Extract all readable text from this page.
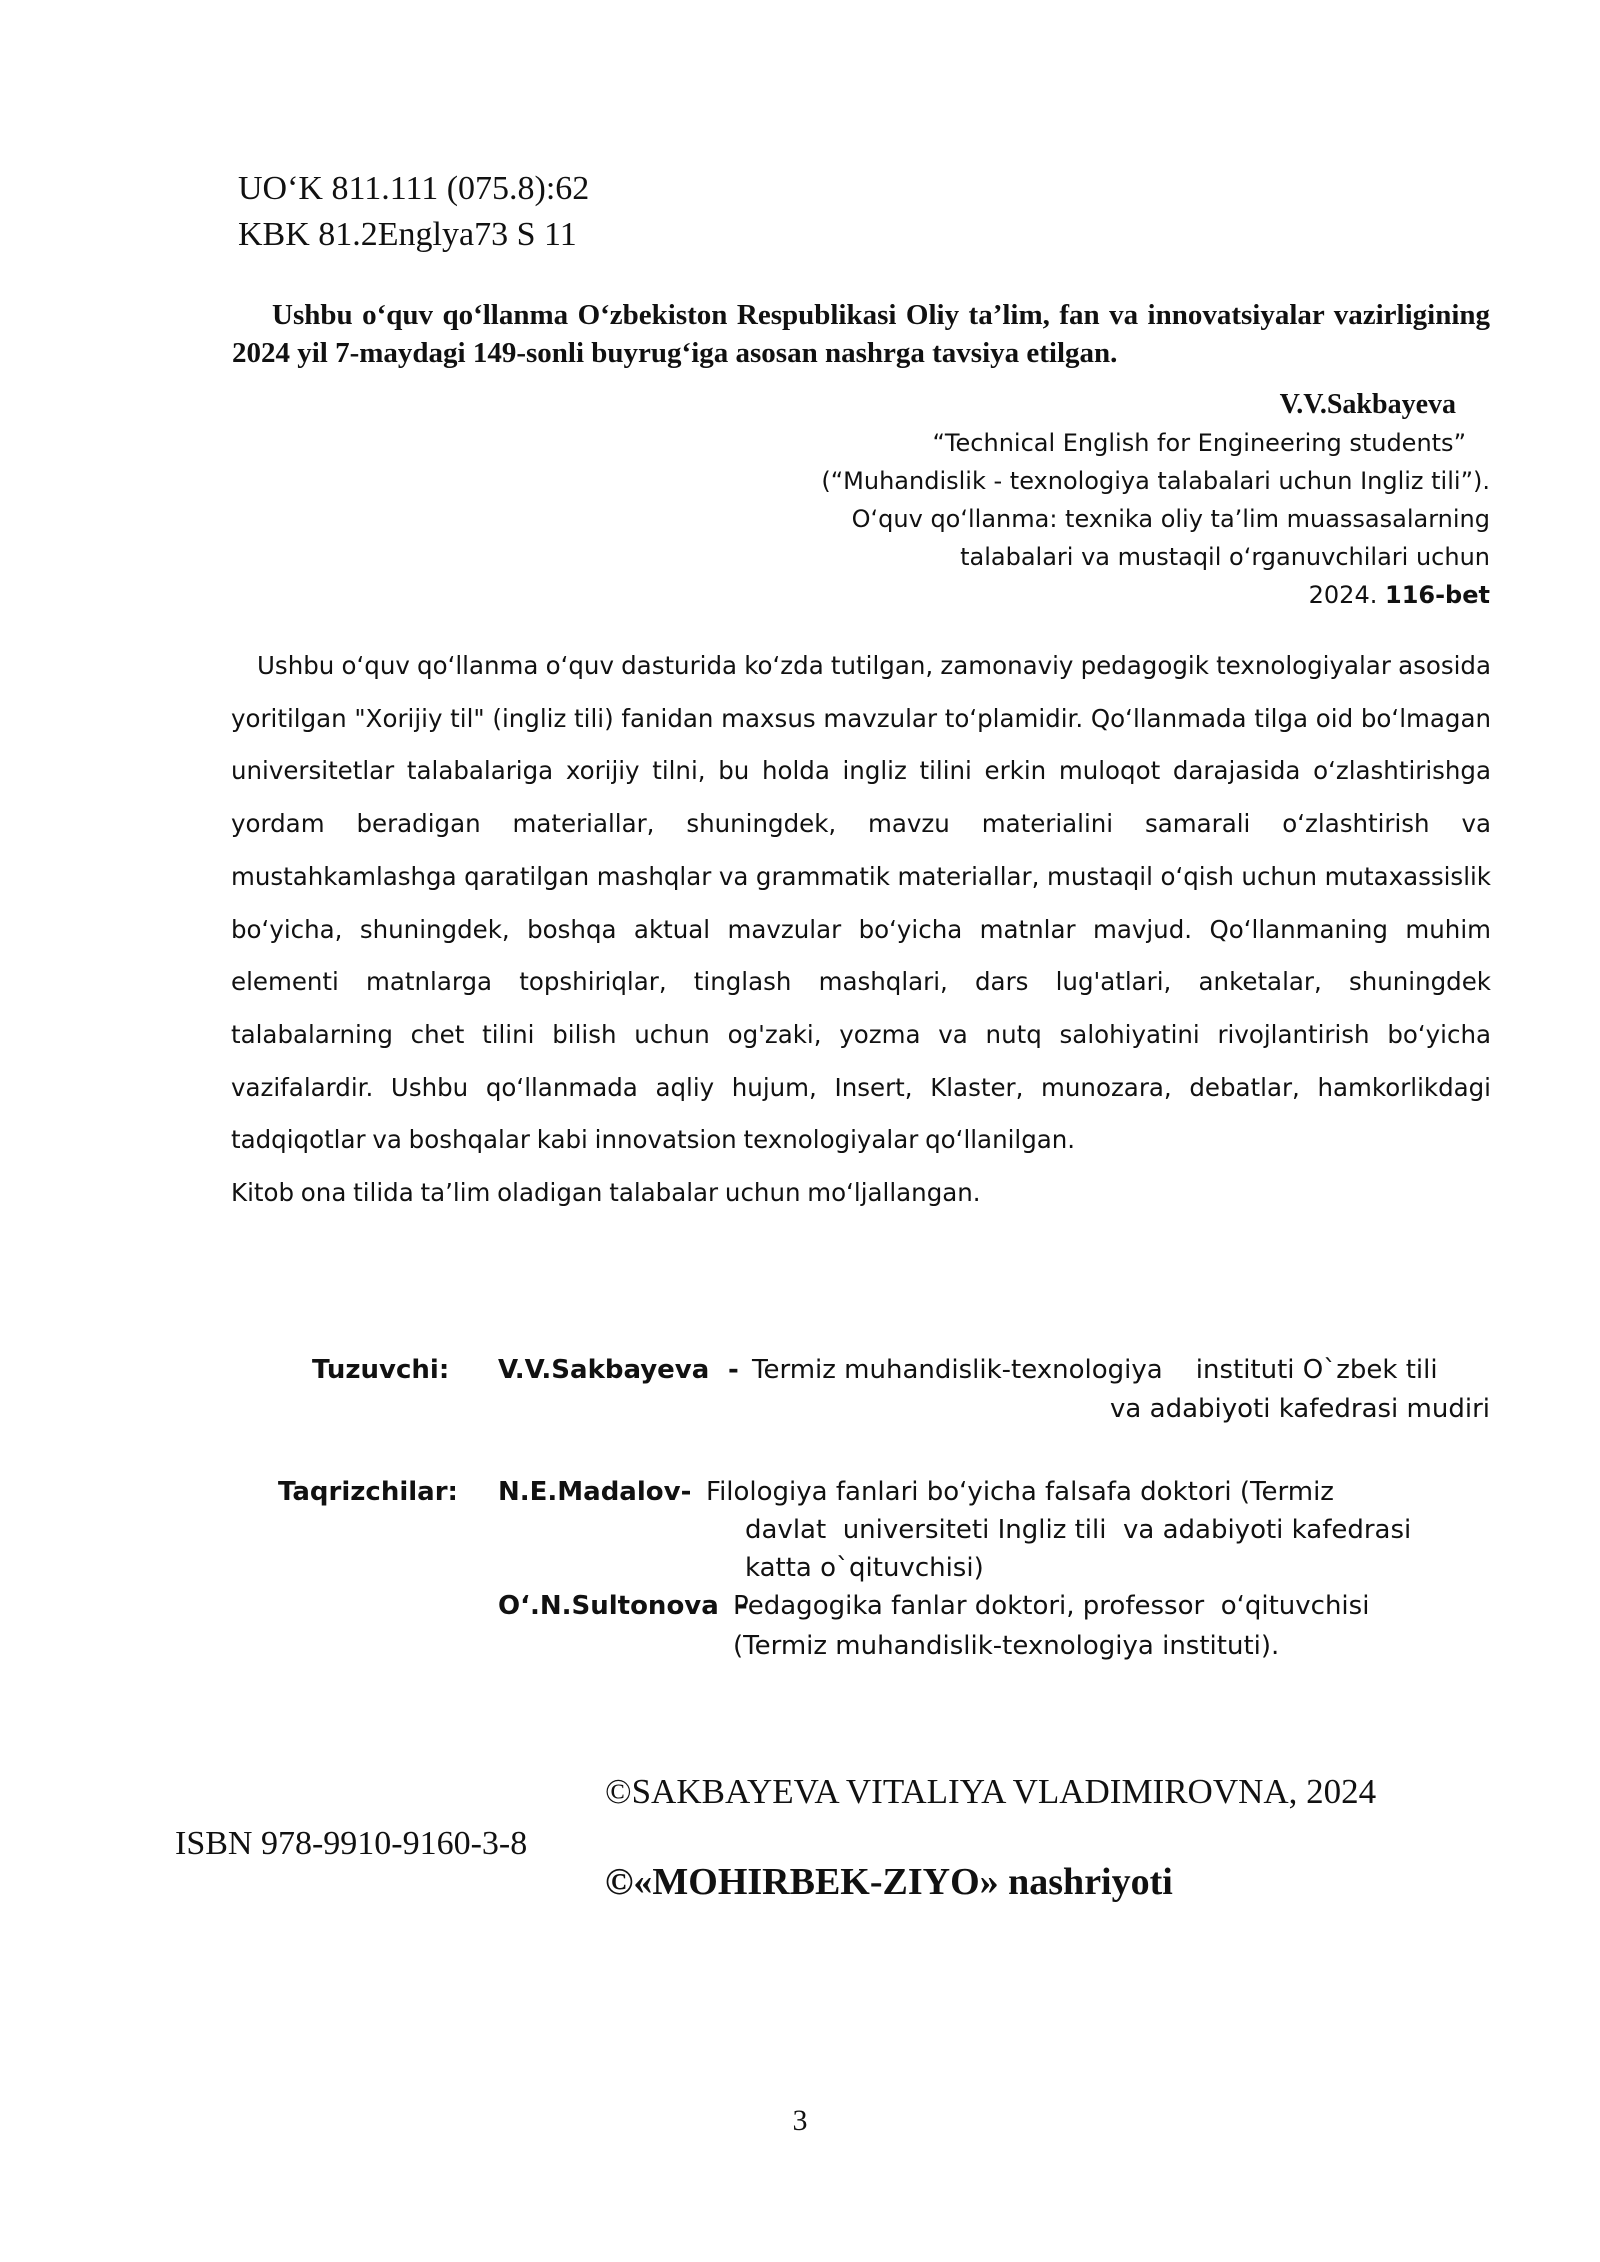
UO‘K 811.111 (075.8):62
KBK 81.2Englya73 S 11
Ushbu o‘quv qo‘llanma O‘zbekiston Respublikasi Oliy ta’lim, fan va innovatsiyalar vazirligining 2024 yil 7-maydagi 149-sonli buyrug‘iga asosan nashrga tavsiya etilgan.
V.V.Sakbayeva
“Technical English for Engineering students”
(“Muhandislik - texnologiya talabalari uchun Ingliz tili”).
O‘quv qo‘llanma: texnika oliy ta’lim muassasalarning
talabalari va mustaqil o‘rganuvchilari uchun
2024. 116-bet
Ushbu o‘quv qo‘llanma o‘quv dasturida ko‘zda tutilgan, zamonaviy pedagogik texnologiyalar asosida yoritilgan "Xorijiy til" (ingliz tili) fanidan maxsus mavzular to‘plamidir. Qo‘llanmada tilga oid bo‘lmagan universitetlar talabalariga xorijiy tilni, bu holda ingliz tilini erkin muloqot darajasida o‘zlashtirishga yordam beradigan materiallar, shuningdek, mavzu materialini samarali o‘zlashtirish va mustahkamlashga qaratilgan mashqlar va grammatik materiallar, mustaqil o‘qish uchun mutaxassislik bo‘yicha, shuningdek, boshqa aktual mavzular bo‘yicha matnlar mavjud. Qo‘llanmaning muhim elementi matnlarga topshiriqlar, tinglash mashqlari, dars lug'atlari, anketalar, shuningdek talabalarning chet tilini bilish uchun og'zaki, yozma va nutq salohiyatini rivojlantirish bo‘yicha vazifalardir. Ushbu qo‘llanmada aqliy hujum, Insert, Klaster, munozara, debatlar, hamkorlikdagi tadqiqotlar va boshqalar kabi innovatsion texnologiyalar qo‘llanilgan.
Kitob ona tilida ta’lim oladigan talabalar uchun mo‘ljallangan.
Tuzuvchi: V.V.Sakbayeva - Termiz muhandislik-texnologiya    instituti O`zbek tili
va adabiyoti kafedrasi mudiri
Taqrizchilar: N.E.Madalov- Filologiya fanlari bo‘yicha falsafa doktori (Termiz
davlat  universiteti Ingliz tili  va adabiyoti kafedrasi
katta o`qituvchisi)
O‘.N.Sultonova  -
Pedagogika fanlar doktori, professor  o‘qituvchisi
(Termiz muhandislik-texnologiya instituti).
©SAKBAYEVA VITALIYA VLADIMIROVNA, 2024
ISBN 978-9910-9160-3-8
©«MOHIRBEK-ZIYO» nashriyoti
3
